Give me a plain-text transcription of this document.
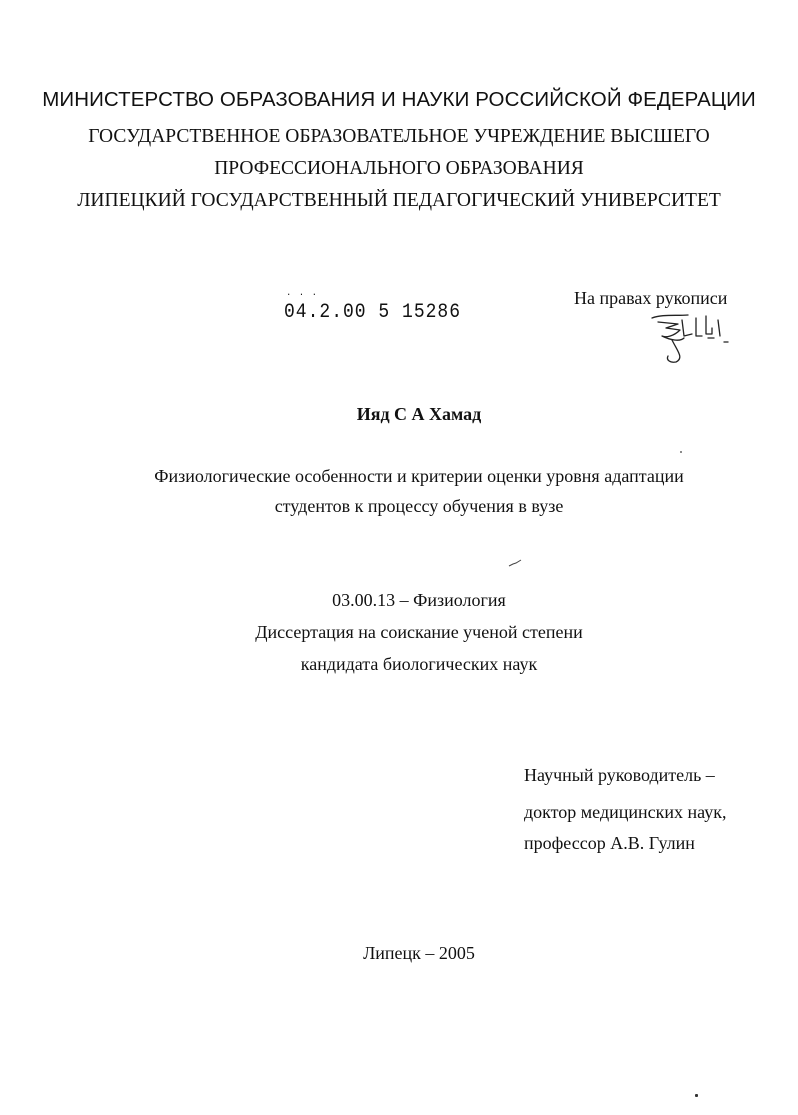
МИНИСТЕРСТВО ОБРАЗОВАНИЯ И НАУКИ РОССИЙСКОЙ ФЕДЕРАЦИИ
ГОСУДАРСТВЕННОЕ ОБРАЗОВАТЕЛЬНОЕ УЧРЕЖДЕНИЕ ВЫСШЕГО
ПРОФЕССИОНАЛЬНОГО ОБРАЗОВАНИЯ
ЛИПЕЦКИЙ ГОСУДАРСТВЕННЫЙ ПЕДАГОГИЧЕСКИЙ УНИВЕРСИТЕТ
· · ·
04.2.00 5 15286
На правах рукописи
Ияд С А Хамад
Физиологические особенности и критерии оценки уровня адаптации
студентов к процессу обучения в вузе
03.00.13 – Физиология
Диссертация на соискание ученой степени
кандидата биологических наук
Научный руководитель –
доктор медицинских наук,
профессор А.В. Гулин
Липецк – 2005
